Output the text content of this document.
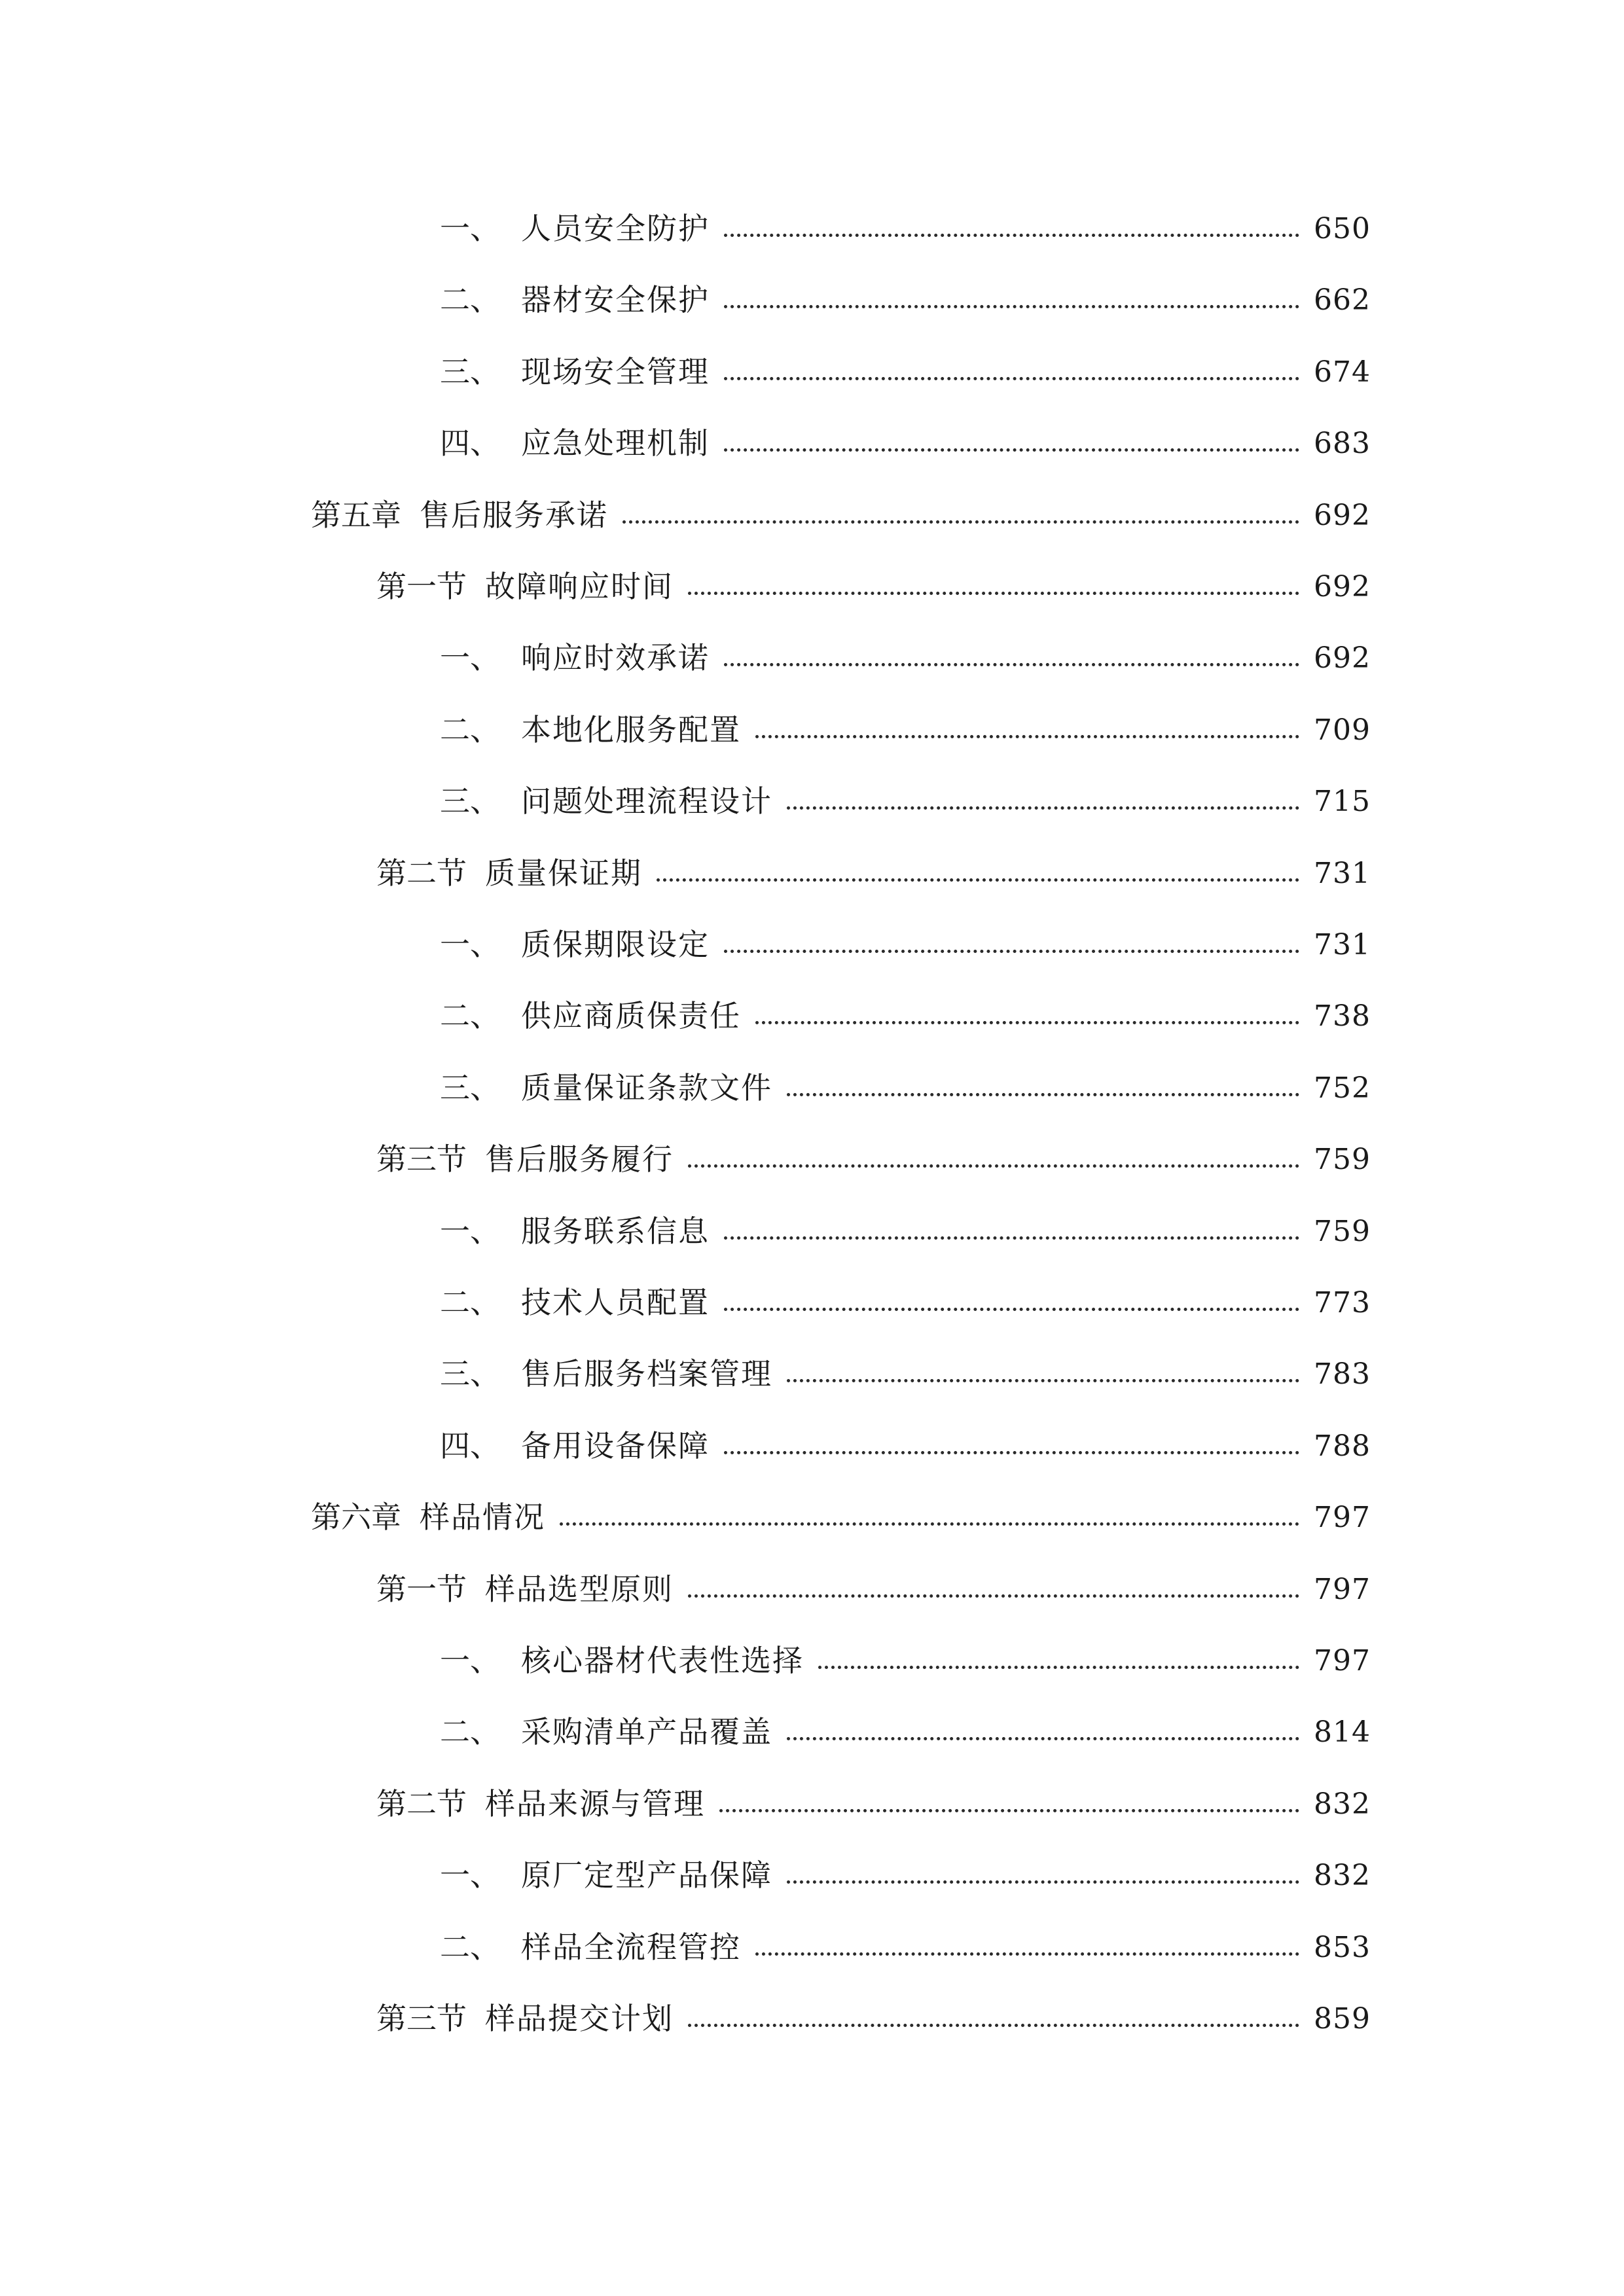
一、 人员安全防护	650
二、 器材安全保护	662
三、 现场安全管理	674
四、 应急处理机制	683
第五章 售后服务承诺	692
第一节 故障响应时间	692
一、 响应时效承诺	692
二、 本地化服务配置	709
三、 问题处理流程设计	715
第二节 质量保证期	731
一、 质保期限设定	731
二、 供应商质保责任	738
三、 质量保证条款文件	752
第三节 售后服务履行	759
一、 服务联系信息	759
二、 技术人员配置	773
三、 售后服务档案管理	783
四、 备用设备保障	788
第六章 样品情况	797
第一节 样品选型原则	797
一、 核心器材代表性选择	797
二、 采购清单产品覆盖	814
第二节 样品来源与管理	832
一、 原厂定型产品保障	832
二、 样品全流程管控	853
第三节 样品提交计划	859
